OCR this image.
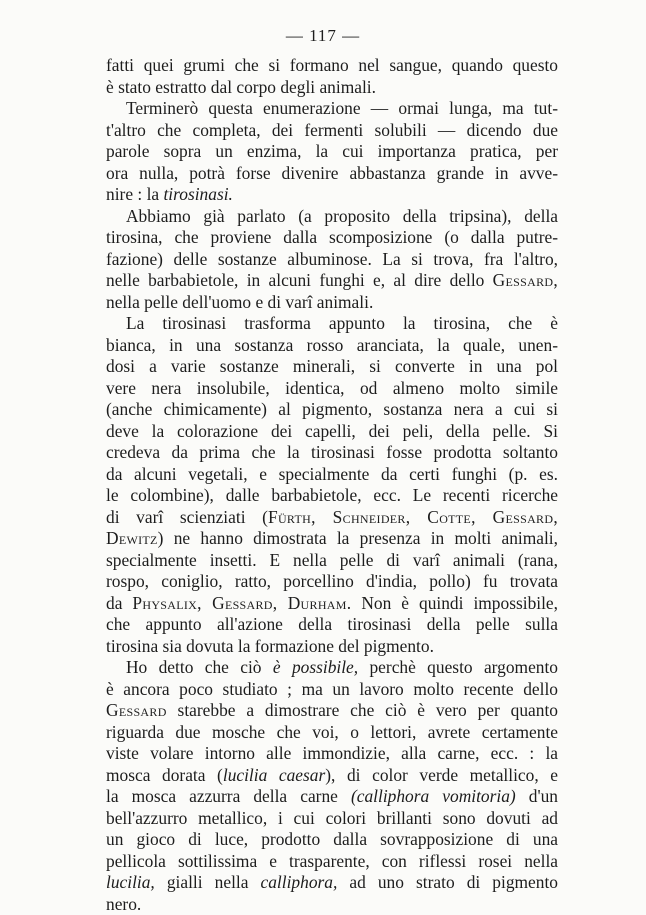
— 117 —
fatti quei grumi che si formano nel sangue, quando questo
è stato estratto dal corpo degli animali.
Terminerò questa enumerazione — ormai lunga, ma tut-
t'altro che completa, dei fermenti solubili — dicendo due
parole sopra un enzima, la cui importanza pratica, per
ora nulla, potrà forse divenire abbastanza grande in avve-
nire : la tirosinasi.
Abbiamo già parlato (a proposito della tripsina), della
tirosina, che proviene dalla scomposizione (o dalla putre-
fazione) delle sostanze albuminose. La si trova, fra l'altro,
nelle barbabietole, in alcuni funghi e, al dire dello Gessard,
nella pelle dell'uomo e di varî animali.
La tirosinasi trasforma appunto la tirosina, che è
bianca, in una sostanza rosso aranciata, la quale, unen-
dosi a varie sostanze minerali, si converte in una pol
vere nera insolubile, identica, od almeno molto simile
(anche chimicamente) al pigmento, sostanza nera a cui si
deve la colorazione dei capelli, dei peli, della pelle. Si
credeva da prima che la tirosinasi fosse prodotta soltanto
da alcuni vegetali, e specialmente da certi funghi (p. es.
le colombine), dalle barbabietole, ecc. Le recenti ricerche
di varî scienziati (Fürth, Schneider, Cotte, Gessard,
Dewitz) ne hanno dimostrata la presenza in molti animali,
specialmente insetti. E nella pelle di varî animali (rana,
rospo, coniglio, ratto, porcellino d'india, pollo) fu trovata
da Physalix, Gessard, Durham. Non è quindi impossibile,
che appunto all'azione della tirosinasi della pelle sulla
tirosina sia dovuta la formazione del pigmento.
Ho detto che ciò è possibile, perchè questo argomento
è ancora poco studiato ; ma un lavoro molto recente dello
Gessard starebbe a dimostrare che ciò è vero per quanto
riguarda due mosche che voi, o lettori, avrete certamente
viste volare intorno alle immondizie, alla carne, ecc. : la
mosca dorata (lucilia caesar), di color verde metallico, e
la mosca azzurra della carne (calliphora vomitoria) d'un
bell'azzurro metallico, i cui colori brillanti sono dovuti ad
un gioco di luce, prodotto dalla sovrapposizione di una
pellicola sottilissima e trasparente, con riflessi rosei nella
lucilia, gialli nella calliphora, ad uno strato di pigmento
nero.
